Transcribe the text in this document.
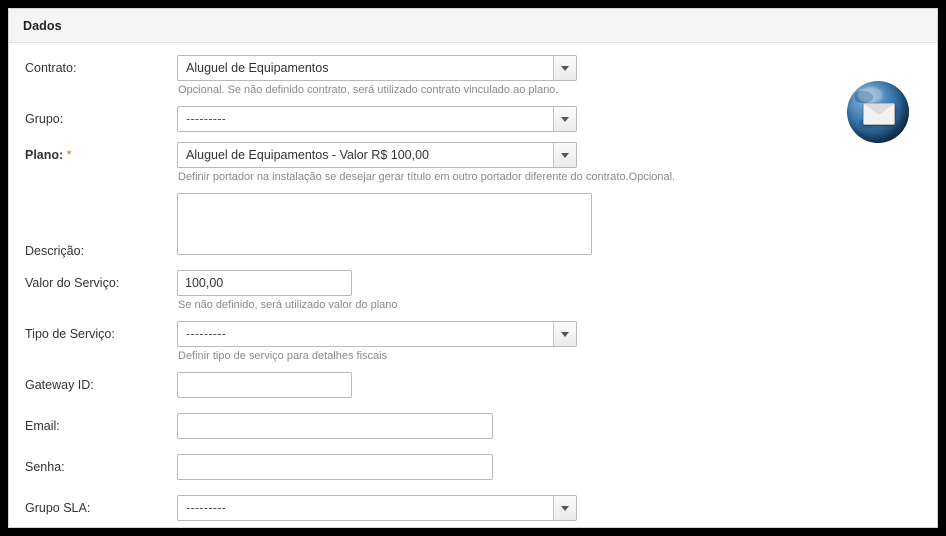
Dados
Contrato:	Aluguel de Equipamentos
Opcional. Se não definido contrato, será utilizado contrato vinculado ao plano.
Grupo:	---------
Plano: *	Aluguel de Equipamentos - Valor R$ 100,00
Definir portador na instalação se desejar gerar título em outro portador diferente do contrato.Opcional.
Descrição:
Valor do Serviço:
100,00
Se não definido, será utilizado valor do plano
Tipo de Serviço:	---------
Definir tipo de serviço para detalhes fiscais
Gateway ID:
Email:
Senha:
Grupo SLA:	---------
